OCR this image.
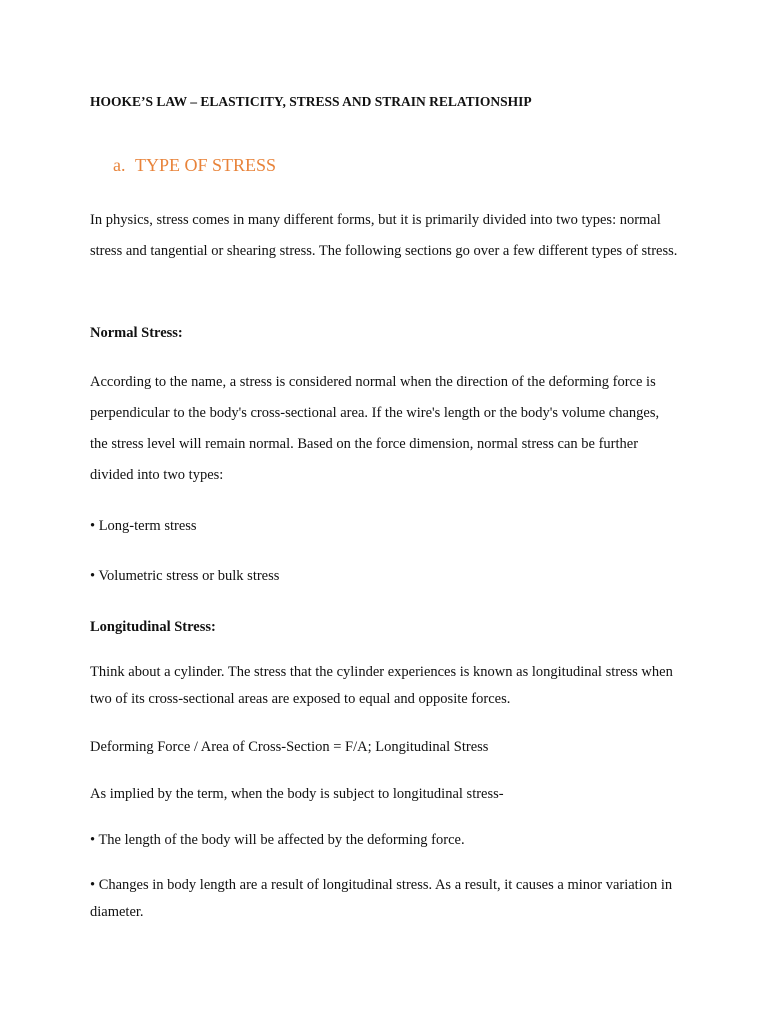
HOOKE’S LAW – ELASTICITY, STRESS AND STRAIN RELATIONSHIP

a. TYPE OF STRESS

In physics, stress comes in many different forms, but it is primarily divided into two types: normal stress and tangential or shearing stress. The following sections go over a few different types of stress.

Normal Stress:

According to the name, a stress is considered normal when the direction of the deforming force is perpendicular to the body's cross-sectional area. If the wire's length or the body's volume changes, the stress level will remain normal. Based on the force dimension, normal stress can be further divided into two types:

• Long-term stress

• Volumetric stress or bulk stress

Longitudinal Stress:

Think about a cylinder. The stress that the cylinder experiences is known as longitudinal stress when two of its cross-sectional areas are exposed to equal and opposite forces.

Deforming Force / Area of Cross-Section = F/A; Longitudinal Stress

As implied by the term, when the body is subject to longitudinal stress-

• The length of the body will be affected by the deforming force.

• Changes in body length are a result of longitudinal stress. As a result, it causes a minor variation in diameter.
